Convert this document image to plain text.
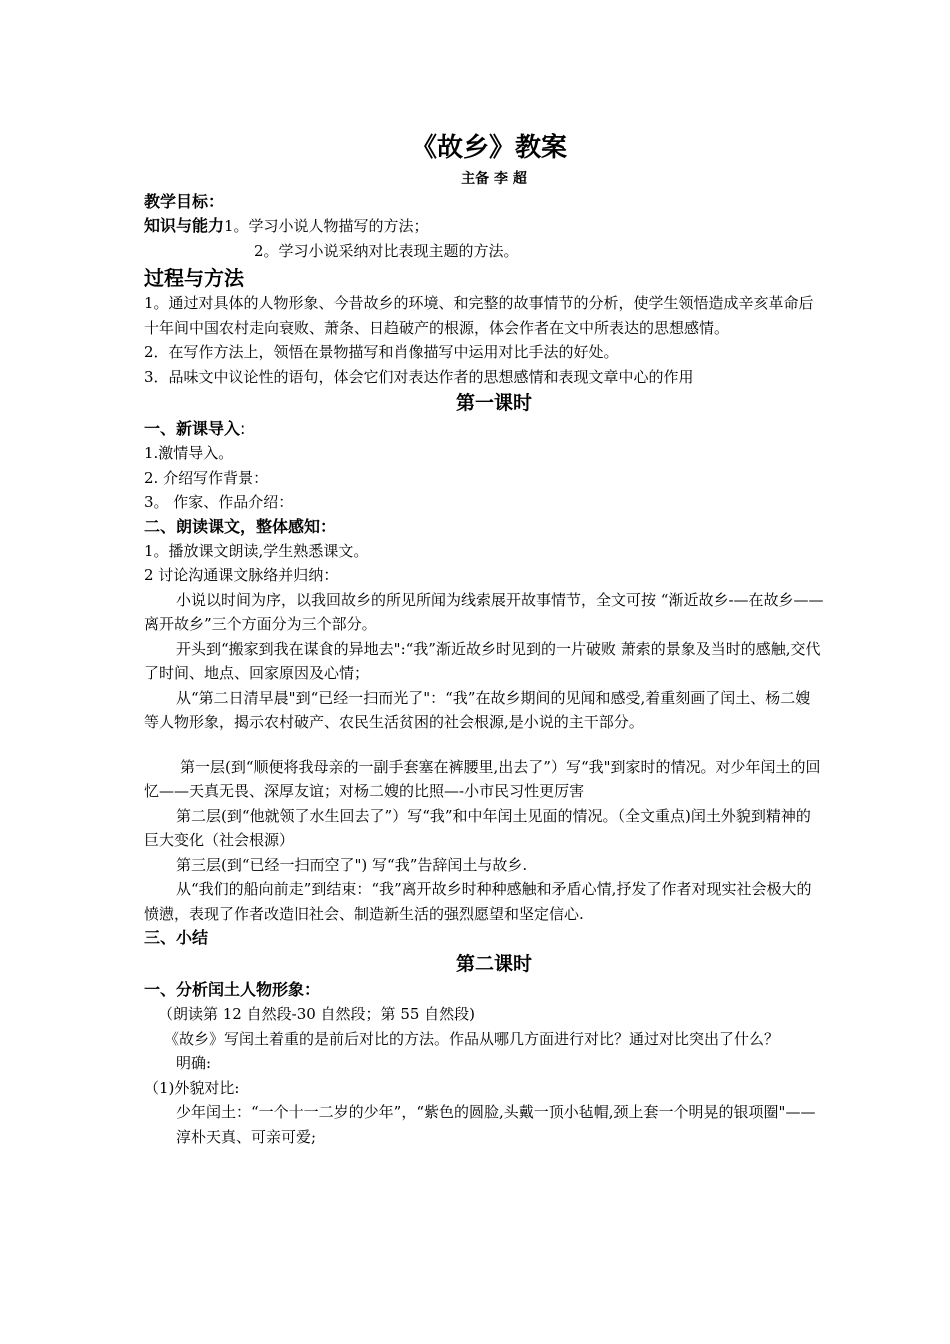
《故乡》教案
主备 李 超
教学目标：
知识与能力1。学习小说人物描写的方法；
2。学习小说采纳对比表现主题的方法。
过程与方法
1。通过对具体的人物形象、今昔故乡的环境、和完整的故事情节的分析，使学生领悟造成辛亥革命后十年间中国农村走向衰败、萧条、日趋破产的根源，体会作者在文中所表达的思想感情。
2．在写作方法上，领悟在景物描写和肖像描写中运用对比手法的好处。
3．品味文中议论性的语句，体会它们对表达作者的思想感情和表现文章中心的作用
第一课时
一、新课导入:
1.激情导入。
2. 介绍写作背景：
3。 作家、作品介绍：
二、朗读课文，整体感知：
1。播放课文朗读,学生熟悉课文。
2 讨论沟通课文脉络并归纳：
小说以时间为序，以我回故乡的所见所闻为线索展开故事情节，全文可按 “渐近故乡-—在故乡——离开故乡”三个方面分为三个部分。
开头到“搬家到我在谋食的异地去":“我”渐近故乡时见到的一片破败 萧索的景象及当时的感触,交代了时间、地点、回家原因及心情；
从“第二日清早晨"到“已经一扫而光了"：“我”在故乡期间的见闻和感受,着重刻画了闰土、杨二嫂等人物形象，揭示农村破产、农民生活贫困的社会根源,是小说的主干部分。
第一层(到“顺便将我母亲的一副手套塞在裤腰里,出去了”）写“我"到家时的情况。对少年闰土的回忆——天真无畏、深厚友谊；对杨二嫂的比照—-小市民习性更厉害
第二层(到“他就领了水生回去了”）写“我”和中年闰土见面的情况。（全文重点)闰土外貌到精神的巨大变化（社会根源）
第三层(到“已经一扫而空了") 写“我”告辞闰土与故乡.
从“我们的船向前走”到结束：“我”离开故乡时种种感触和矛盾心情,抒发了作者对现实社会极大的愤懑，表现了作者改造旧社会、制造新生活的强烈愿望和坚定信心.
三、小结
第二课时
一、分析闰土人物形象：
（朗读第 12 自然段-30 自然段；第 55 自然段)
《故乡》写闰土着重的是前后对比的方法。作品从哪几方面进行对比？通过对比突出了什么？
明确:
（1)外貌对比:
少年闰土：“一个十一二岁的少年”，“紫色的圆脸,头戴一顶小毡帽,颈上套一个明晃的银项圈"——淳朴天真、可亲可爱;
